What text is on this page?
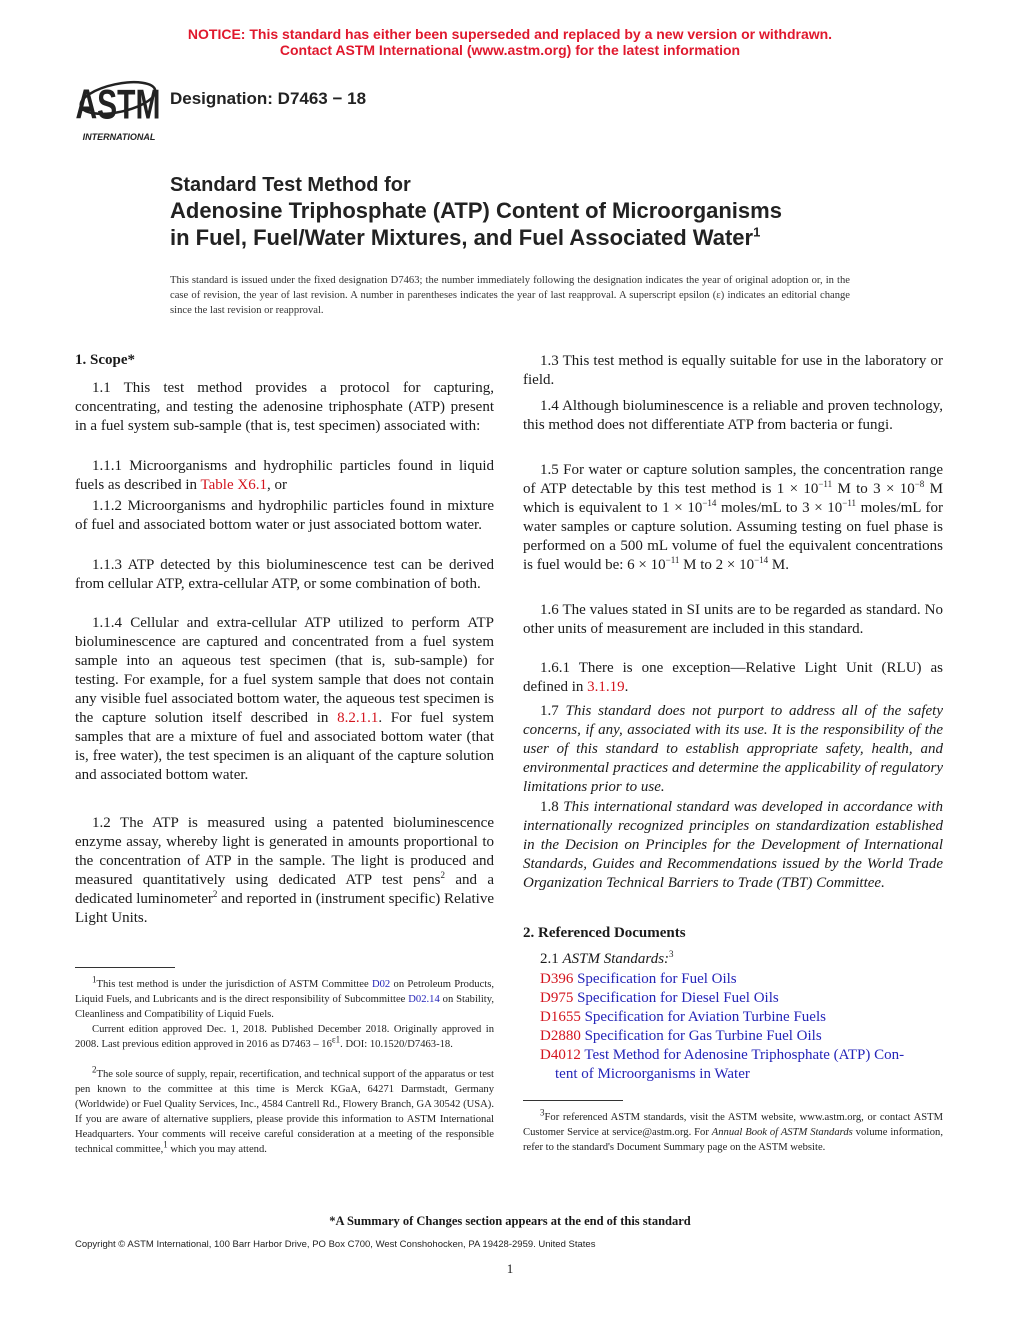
NOTICE: This standard has either been superseded and replaced by a new version or withdrawn.
Contact ASTM International (www.astm.org) for the latest information
ASTM
INTERNATIONAL
Designation: D7463 − 18
Standard Test Method for
Adenosine Triphosphate (ATP) Content of Microorganisms
in Fuel, Fuel/Water Mixtures, and Fuel Associated Water$^1$
This standard is issued under the fixed designation D7463; the number immediately following the designation indicates the year of original adoption or, in the case of revision, the year of last revision. A number in parentheses indicates the year of last reapproval. A superscript epsilon (ε) indicates an editorial change since the last revision or reapproval.
1. Scope*
1.1 This test method provides a protocol for capturing, concentrating, and testing the adenosine triphosphate (ATP) present in a fuel system sub-sample (that is, test specimen) associated with:
1.1.1 Microorganisms and hydrophilic particles found in liquid fuels as described in Table X6.1, or
1.1.2 Microorganisms and hydrophilic particles found in mixture of fuel and associated bottom water or just associated bottom water.
1.1.3 ATP detected by this bioluminescence test can be derived from cellular ATP, extra-cellular ATP, or some combination of both.
1.1.4 Cellular and extra-cellular ATP utilized to perform ATP bioluminescence are captured and concentrated from a fuel system sample into an aqueous test specimen (that is, sub-sample) for testing. For example, for a fuel system sample that does not contain any visible fuel associated bottom water, the aqueous test specimen is the capture solution itself described in 8.2.1.1. For fuel system samples that are a mixture of fuel and associated bottom water (that is, free water), the test specimen is an aliquant of the capture solution and associated bottom water.
1.2 The ATP is measured using a patented bioluminescence enzyme assay, whereby light is generated in amounts proportional to the concentration of ATP in the sample. The light is produced and measured quantitatively using dedicated ATP test pens$^2$ and a dedicated luminometer$^2$ and reported in (instrument specific) Relative Light Units.
$^1$This test method is under the jurisdiction of ASTM Committee D02 on Petroleum Products, Liquid Fuels, and Lubricants and is the direct responsibility of Subcommittee D02.14 on Stability, Cleanliness and Compatibility of Liquid Fuels.
Current edition approved Dec. 1, 2018. Published December 2018. Originally approved in 2008. Last previous edition approved in 2016 as $D7463 - 16^{\varepsilon 1}$. DOI: 10.1520/D7463-18.
$^2$The sole source of supply, repair, recertification, and technical support of the apparatus or test pen known to the committee at this time is Merck KGaA, 64271 Darmstadt, Germany (Worldwide) or Fuel Quality Services, Inc., 4584 Cantrell Rd., Flowery Branch, GA 30542 (USA). If you are aware of alternative suppliers, please provide this information to ASTM International Headquarters. Your comments will receive careful consideration at a meeting of the responsible technical committee,$^1$ which you may attend.
1.3 This test method is equally suitable for use in the laboratory or field.
1.4 Although bioluminescence is a reliable and proven technology, this method does not differentiate ATP from bacteria or fungi.
1.5 For water or capture solution samples, the concentration range of ATP detectable by this test method is $1 \times 10^{-11}$ M to $3 \times 10^{-8}$ M which is equivalent to $1 \times 10^{-14}$ moles/mL to $3 \times 10^{-11}$ moles/mL for water samples or capture solution. Assuming testing on fuel phase is performed on a 500 mL volume of fuel the equivalent concentrations is fuel would be: $6 \times 10^{-11}$ M to $2 \times 10^{-14}$ M.
1.6 The values stated in SI units are to be regarded as standard. No other units of measurement are included in this standard.
1.6.1 There is one exception—Relative Light Unit (RLU) as defined in 3.1.19.
1.7 This standard does not purport to address all of the safety concerns, if any, associated with its use. It is the responsibility of the user of this standard to establish appropriate safety, health, and environmental practices and determine the applicability of regulatory limitations prior to use.
1.8 This international standard was developed in accordance with internationally recognized principles on standardization established in the Decision on Principles for the Development of International Standards, Guides and Recommendations issued by the World Trade Organization Technical Barriers to Trade (TBT) Committee.
2. Referenced Documents
2.1 ASTM Standards:$^3$
D396 Specification for Fuel Oils
D975 Specification for Diesel Fuel Oils
D1655 Specification for Aviation Turbine Fuels
D2880 Specification for Gas Turbine Fuel Oils
D4012 Test Method for Adenosine Triphosphate (ATP) Con-
tent of Microorganisms in Water
$^3$For referenced ASTM standards, visit the ASTM website, www.astm.org, or contact ASTM Customer Service at service@astm.org. For Annual Book of ASTM Standards volume information, refer to the standard's Document Summary page on the ASTM website.
*A Summary of Changes section appears at the end of this standard
Copyright © ASTM International, 100 Barr Harbor Drive, PO Box C700, West Conshohocken, PA 19428-2959. United States
1
